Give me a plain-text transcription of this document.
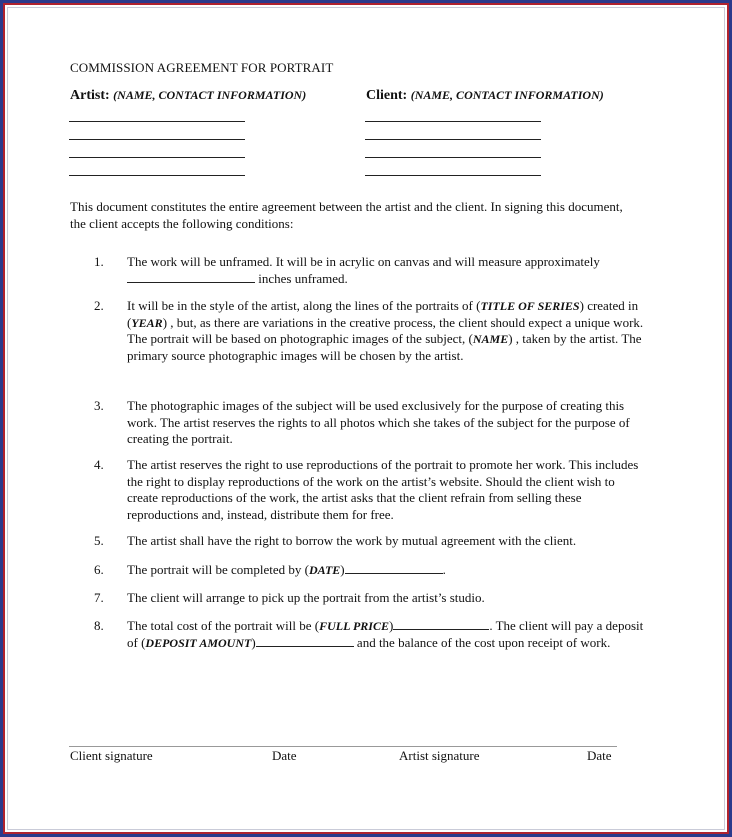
COMMISSION AGREEMENT FOR PORTRAIT
Artist: (NAME, CONTACT INFORMATION)	Client: (NAME, CONTACT INFORMATION)
This document constitutes the entire agreement between the artist and the client. In signing this document, the client accepts the following conditions:
1. The work will be unframed. It will be in acrylic on canvas and will measure approximately
inches unframed.
2. It will be in the style of the artist, along the lines of the portraits of (TITLE OF SERIES) created in (YEAR) , but, as there are variations in the creative process, the client should expect a unique work. The portrait will be based on photographic images of the subject, (NAME) , taken by the artist. The primary source photographic images will be chosen by the artist.
3. The photographic images of the subject will be used exclusively for the purpose of creating this work. The artist reserves the rights to all photos which she takes of the subject for the purpose of creating the portrait.
4. The artist reserves the right to use reproductions of the portrait to promote her work. This includes the right to display reproductions of the work on the artist’s website. Should the client wish to create reproductions of the work, the artist asks that the client refrain from selling these reproductions and, instead, distribute them for free.
5. The artist shall have the right to borrow the work by mutual agreement with the client.
6. The portrait will be completed by (DATE)	.
7. The client will arrange to pick up the portrait from the artist’s studio.
8. The total cost of the portrait will be (FULL PRICE)	. The client will pay a deposit of (DEPOSIT AMOUNT)	and the balance of the cost upon receipt of work.
Client signature	Date	Artist signature	Date
